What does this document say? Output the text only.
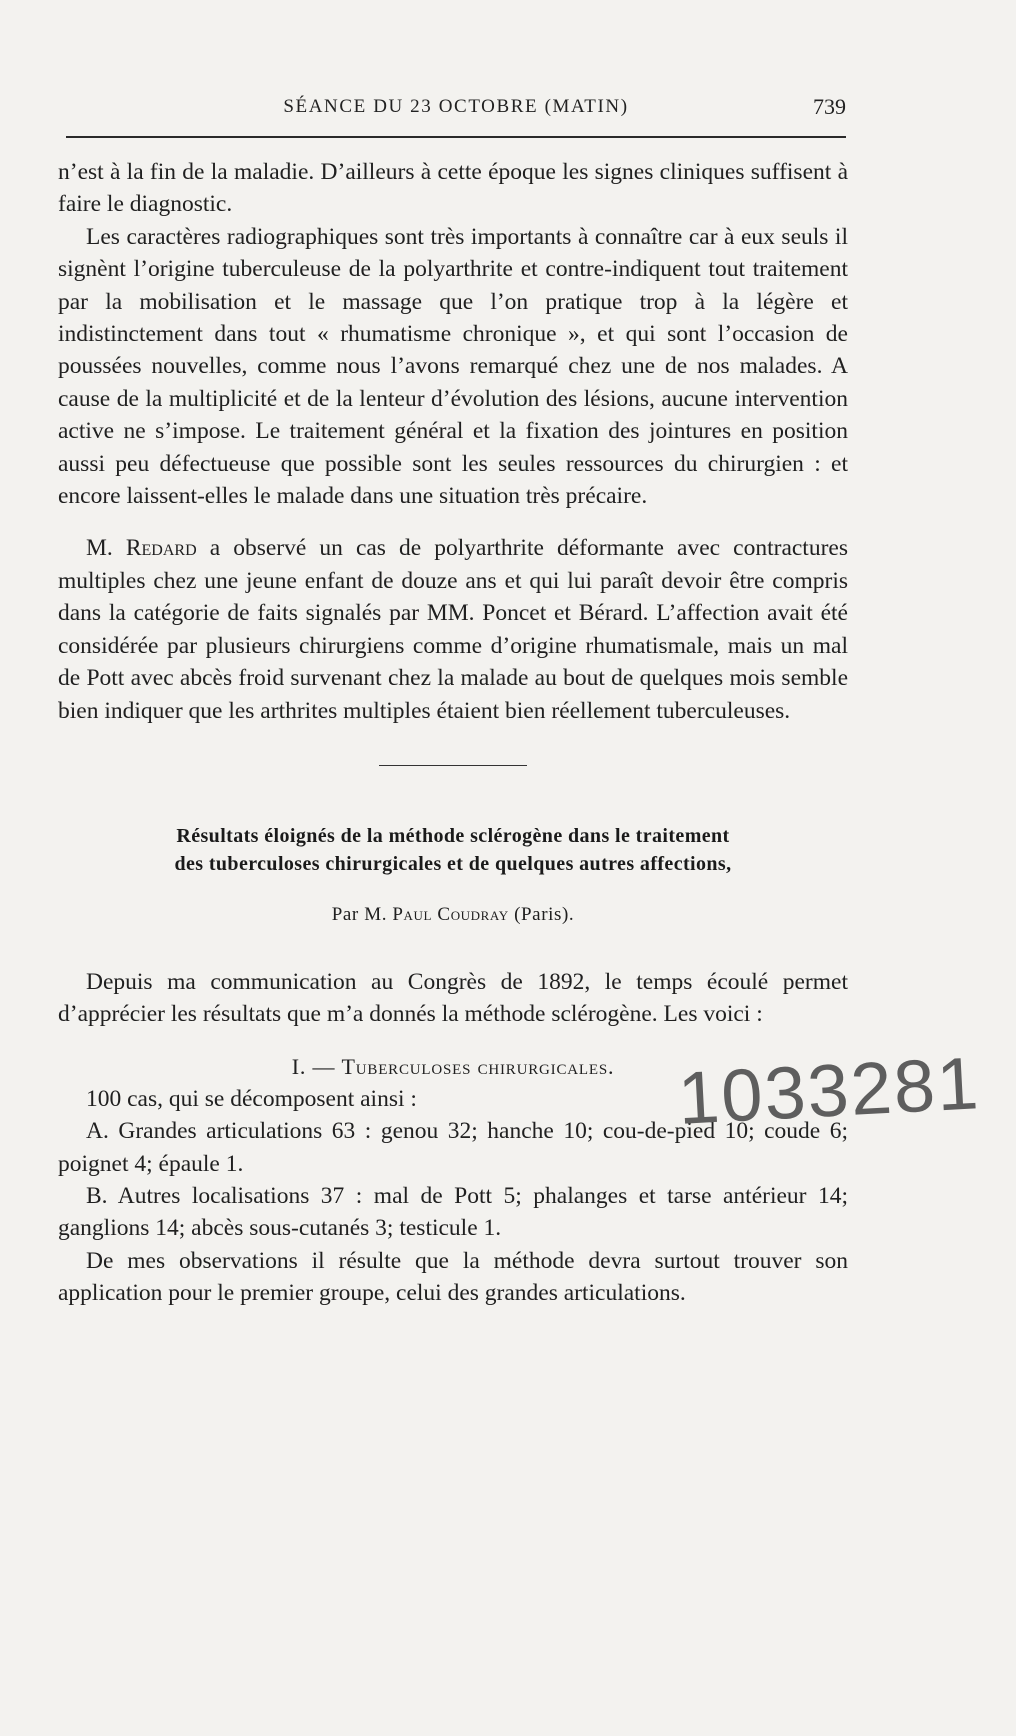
SÉANCE DU 23 OCTOBRE (MATIN)	739

n’est à la fin de la maladie. D’ailleurs à cette époque les signes cliniques suffisent à faire le diagnostic.

Les caractères radiographiques sont très importants à connaître car à eux seuls il signènt l’origine tuberculeuse de la polyarthrite et contre-indiquent tout traitement par la mobilisation et le massage que l’on pratique trop à la légère et indistinctement dans tout « rhumatisme chronique », et qui sont l’occasion de poussées nouvelles, comme nous l’avons remarqué chez une de nos malades. A cause de la multiplicité et de la lenteur d’évolution des lésions, aucune intervention active ne s’impose. Le traitement général et la fixation des jointures en position aussi peu défectueuse que possible sont les seules ressources du chirurgien : et encore laissent-elles le malade dans une situation très précaire.

M. Redard a observé un cas de polyarthrite déformante avec contractures multiples chez une jeune enfant de douze ans et qui lui paraît devoir être compris dans la catégorie de faits signalés par MM. Poncet et Bérard. L’affection avait été considérée par plusieurs chirurgiens comme d’origine rhumatismale, mais un mal de Pott avec abcès froid survenant chez la malade au bout de quelques mois semble bien indiquer que les arthrites multiples étaient bien réellement tuberculeuses.

Résultats éloignés de la méthode sclérogène dans le traitement
des tuberculoses chirurgicales et de quelques autres affections,
Par M. Paul Coudray (Paris).

Depuis ma communication au Congrès de 1892, le temps écoulé permet d’apprécier les résultats que m’a donnés la méthode sclérogène. Les voici :

I. — Tuberculoses chirurgicales.

100 cas, qui se décomposent ainsi :

A. Grandes articulations 63 : genou 32; hanche 10; cou-de-pied 10; coude 6; poignet 4; épaule 1.

B. Autres localisations 37 : mal de Pott 5; phalanges et tarse antérieur 14; ganglions 14; abcès sous-cutanés 3; testicule 1.

De mes observations il résulte que la méthode devra surtout trouver son application pour le premier groupe, celui des grandes articulations.

1033281
